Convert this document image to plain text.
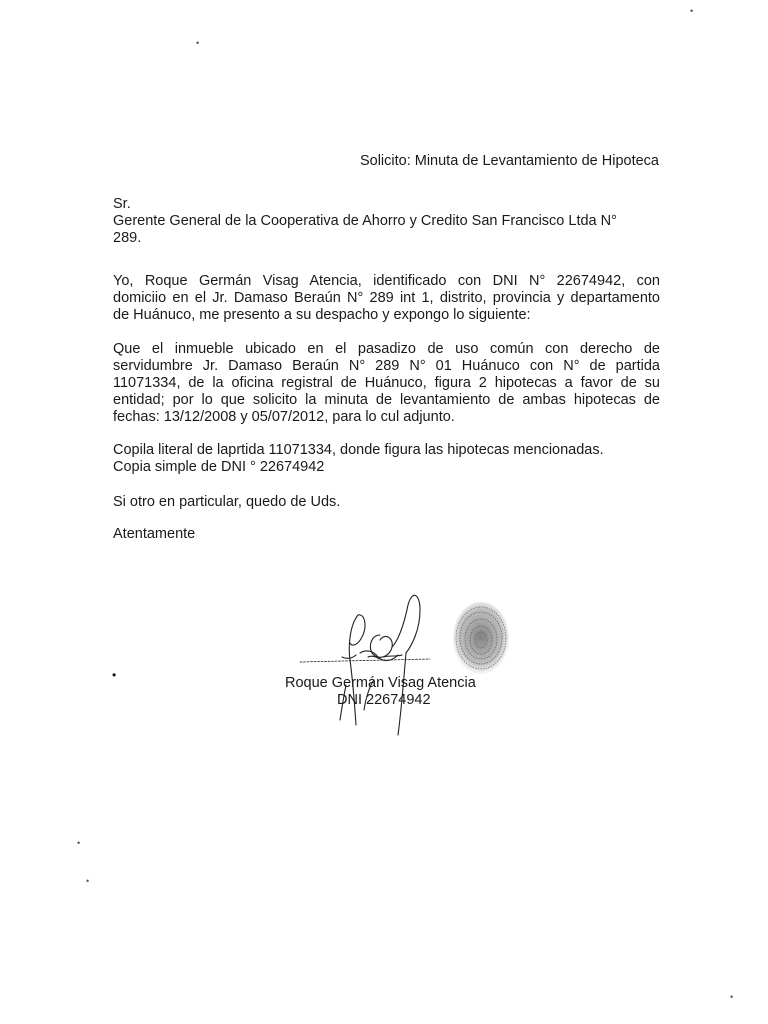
Solicito: Minuta de Levantamiento de Hipoteca
Sr.
Gerente General de la Cooperativa de Ahorro y Credito San Francisco Ltda N°
289.
Yo, Roque Germán Visag Atencia, identificado con DNI N° 22674942, con
domiciio en el Jr. Damaso Beraún N° 289 int 1, distrito, provincia y departamento
de Huánuco, me presento a su despacho y expongo lo siguiente:
Que el inmueble ubicado en el pasadizo de uso común con derecho de
servidumbre Jr. Damaso Beraún N° 289 N° 01 Huánuco con N° de partida
11071334, de la oficina registral de Huánuco, figura 2 hipotecas a favor de su
entidad; por lo que solicito la minuta de levantamiento de ambas hipotecas de
fechas: 13/12/2008 y 05/07/2012, para lo cul adjunto.
Copila literal de laprtida 11071334, donde figura las hipotecas mencionadas.
Copia simple de DNI ° 22674942
Si otro en particular, quedo de Uds.
Atentamente
Roque Germán Visag Atencia
DNI 22674942
•
•
•
•
•
•
